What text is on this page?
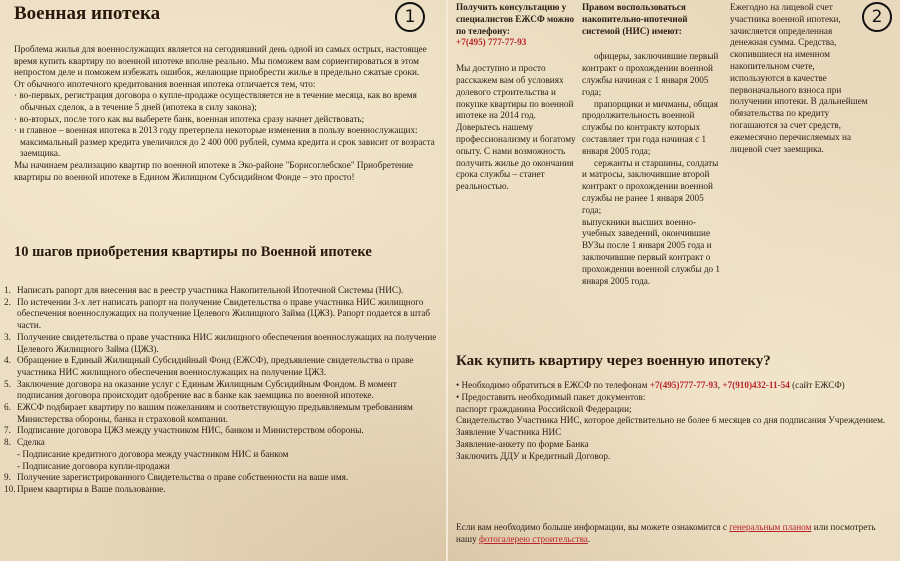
Военная ипотека	1

Проблема жилья для военнослужащих является на сегодняшний день одной из самых острых, настоящее время купить квартиру по военной ипотеке вполне реально. Мы поможем вам сориентироваться в этом непростом деле и поможем избежать ошибок, желающие приобрести жилье в предельно сжатые сроки.

От обычного ипотечного кредитования военная ипотека отличается тем, что:

· во-первых, регистрация договора о купле-продаже осуществляется не в течение месяца, как во время обычных сделок, а в течение 5 дней (ипотека в силу закона);
· во-вторых, после того как вы выберете банк, военная ипотека сразу начнет действовать;
· и главное – военная ипотека в 2013 году претерпела некоторые изменения в пользу военнослужащих: максимальный размер кредита увеличился до 2 400 000 рублей, сумма кредита и срок зависит от возраста заемщика.

Мы начинаем реализацию квартир по военной ипотеке в Эко-районе "Борисоглебское" Приобретение квартиры по военной ипотеке в Едином Жилищном Субсидийном Фонде – это просто!

10 шагов приобретения квартиры по Военной ипотеке
1. Написать рапорт для внесения вас в реестр участника Накопительной Ипотечной Системы (НИС).
2. По истечении 3-х лет написать рапорт на получение Свидетельства о праве участника НИС жилищного обеспечения военнослужащих на получение Целевого Жилищного Займа (ЦЖЗ). Рапорт подается в штаб части.
3. Получение свидетельства о праве участника НИС жилищного обеспечения военнослужащих на получение Целевого Жилищного Займа (ЦЖЗ).
4. Обращение в Единый Жилищный Субсидийный Фонд (ЕЖСФ), предъявление свидетельства о праве участника НИС жилищного обеспечения военнослужащих на получение ЦЖЗ.
5. Заключение договора на оказание услуг с Единым Жилищным Субсидийным Фондом. В момент подписания договора происходит одобрение вас в банке как заемщика по военной ипотеке.
6. ЕЖСФ подбирает квартиру по вашим пожеланиям и соответствующую предъявляемым требованиям Министерства обороны, банка и страховой компании.
7. Подписание договора ЦЖЗ между участником НИС, банком и Министерством обороны.
8. Сделка
- Подписание кредитного договора между участником НИС и банком
- Подписание договора купли-продажи
9. Получение зарегистрированного Свидетельства о праве собственности на ваше имя.
10. Прием квартиры в Ваше пользование.
Получить консультацию у специалистов ЕЖСФ можно по телефону:
+7(495) 777-77-93
Мы доступно и просто расскажем вам об условиях долевого строительства и покупке квартиры по военной ипотеке на 2014 год. Доверьтесь нашему профессионализму и богатому опыту. С нами возможность получить жилье до окончания срока службы – станет реальностью.
Правом воспользоваться накопительно-ипотечной системой (НИС) имеют:
офицеры, заключившие первый контракт о прохождении военной службы начиная с 1 января 2005 года;
прапорщики и мичманы, общая продолжительность военной службы по контракту которых составляет три года начиная с 1 января 2005 года;
сержанты и старшины, солдаты и матросы, заключившие второй контракт о прохождении военной службы не ранее 1 января 2005 года;
выпускники высших военно-учебных заведений, окончившие ВУЗы после 1 января 2005 года и заключившие первый контракт о прохождении военной службы до 1 января 2005 года.
Ежегодно на лицевой счет участника военной ипотеки, зачисляется определенная денежная сумма. Средства, скопившиеся на именном накопительном счете, используются в качестве первоначального взноса при получении ипотеки. В дальнейшем обязательства по кредиту погашаются за счет средств, ежемесячно перечисляемых на лицевой счет заемщика.
2
Как купить квартиру через военную ипотеку?
• Необходимо обратиться в ЕЖСФ по телефонам +7(495)777-77-93, +7(910)432-11-54 (сайт ЕЖСФ)
• Предоставить необходимый пакет документов:
паспорт гражданина Российской Федерации;
Свидетельство Участника НИС, которое действительно не более 6 месяцев со дня подписания Учреждением.
Заявление Участника НИС
Заявление-анкету по форме Банка
Заключить ДДУ и Кредитный Договор.
Если вам необходимо больше информации, вы можете ознакомится с генеральным планом или посмотреть нашу фотогалерею строительства.
